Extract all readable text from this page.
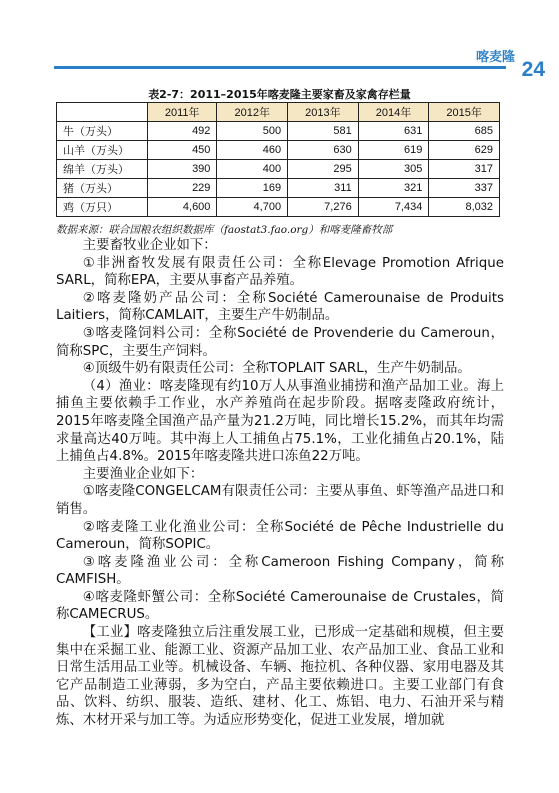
喀麦隆
24
表2-7：2011–2015年喀麦隆主要家畜及家禽存栏量
	2011年	2012年	2013年	2014年	2015年
牛（万头）	492	500	581	631	685
山羊（万头）	450	460	630	619	629
绵羊（万头）	390	400	295	305	317
猪（万头）	229	169	311	321	337
鸡（万只）	4,600	4,700	7,276	7,434	8,032
数据来源：联合国粮农组织数据库（faostat3.fao.org）和喀麦隆畜牧部

主要畜牧业企业如下：

①非洲畜牧发展有限责任公司：全称Elevage Promotion Afrique SARL，简称EPA，主要从事畜产品养殖。

②喀麦隆奶产品公司：全称Société Camerounaise de Produits Laitiers，简称CAMLAIT，主要生产牛奶制品。

③喀麦隆饲料公司：全称Société de Provenderie du Cameroun，简称SPC，主要生产饲料。

④顶级牛奶有限责任公司：全称TOPLAIT SARL，生产牛奶制品。

（4）渔业：喀麦隆现有约10万人从事渔业捕捞和渔产品加工业。海上捕鱼主要依赖手工作业，水产养殖尚在起步阶段。据喀麦隆政府统计，2015年喀麦隆全国渔产品产量为21.2万吨，同比增长15.2%，而其年均需求量高达40万吨。其中海上人工捕鱼占75.1%，工业化捕鱼占20.1%，陆上捕鱼占4.8%。2015年喀麦隆共进口冻鱼22万吨。

主要渔业企业如下：

①喀麦隆CONGELCAM有限责任公司：主要从事鱼、虾等渔产品进口和销售。

②喀麦隆工业化渔业公司：全称Société de Pêche Industrielle du Cameroun，简称SOPIC。

③喀麦隆渔业公司：全称Cameroon Fishing Company，简称CAMFISH。

④喀麦隆虾蟹公司：全称Société Camerounaise de Crustales，简称CAMECRUS。

【工业】喀麦隆独立后注重发展工业，已形成一定基础和规模，但主要集中在采掘工业、能源工业、资源产品加工业、农产品加工业、食品工业和日常生活用品工业等。机械设备、车辆、拖拉机、各种仪器、家用电器及其它产品制造工业薄弱，多为空白，产品主要依赖进口。主要工业部门有食品、饮料、纺织、服装、造纸、建材、化工、炼铝、电力、石油开采与精炼、木材开采与加工等。为适应形势变化，促进工业发展，增加就
